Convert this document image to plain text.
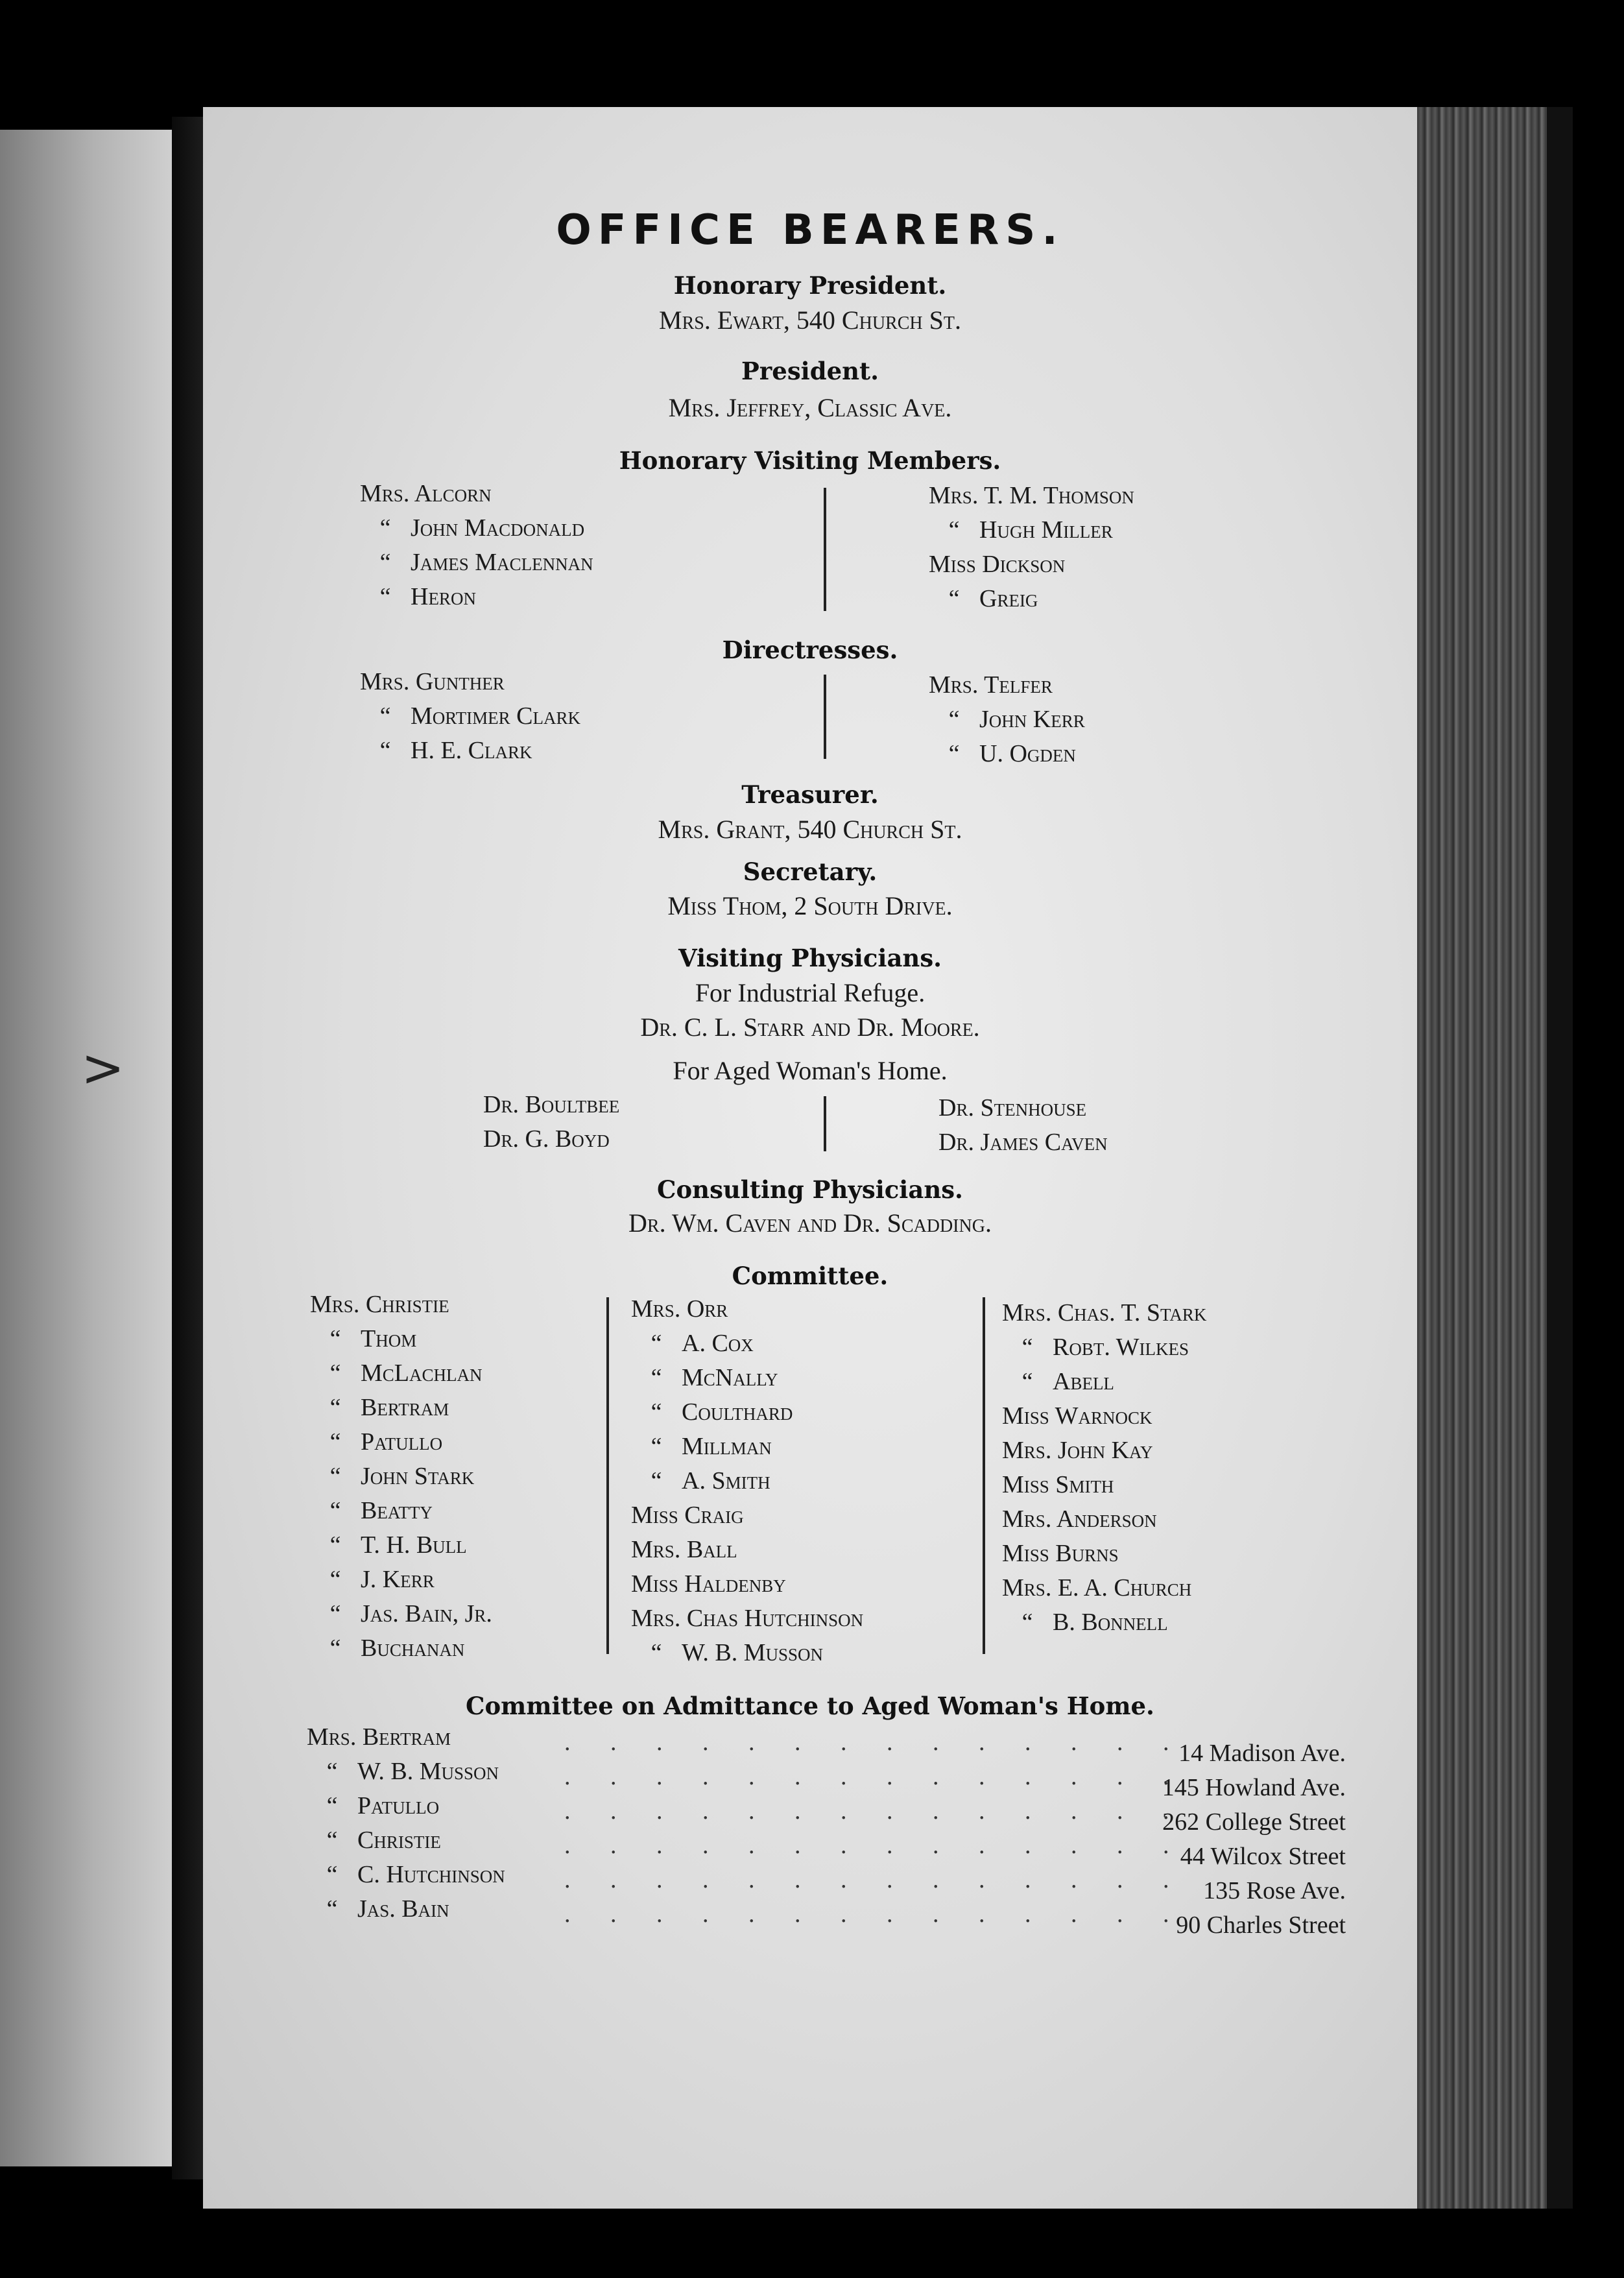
>
OFFICE BEARERS.
Honorary President.
Mrs. Ewart, 540 Church St.
President.
Mrs. Jeffrey, Classic Ave.
Honorary Visiting Members.
Mrs. Alcorn
“ John Macdonald
“ James Maclennan
“ Heron
Mrs. T. M. Thomson
“ Hugh Miller
Miss Dickson
“ Greig
Directresses.
Mrs. Gunther
“ Mortimer Clark
“ H. E. Clark
Mrs. Telfer
“ John Kerr
“ U. Ogden
Treasurer.
Mrs. Grant, 540 Church St.
Secretary.
Miss Thom, 2 South Drive.
Visiting Physicians.
For Industrial Refuge.
Dr. C. L. Starr and Dr. Moore.
For Aged Woman's Home.
Dr. Boultbee
Dr. G. Boyd
Dr. Stenhouse
Dr. James Caven
Consulting Physicians.
Dr. Wm. Caven and Dr. Scadding.
Committee.
Mrs. Christie
“ Thom
“ McLachlan
“ Bertram
“ Patullo
“ John Stark
“ Beatty
“ T. H. Bull
“ J. Kerr
“ Jas. Bain, Jr.
“ Buchanan
Mrs. Orr
“ A. Cox
“ McNally
“ Coulthard
“ Millman
“ A. Smith
Miss Craig
Mrs. Ball
Miss Haldenby
Mrs. Chas Hutchinson
“ W. B. Musson
Mrs. Chas. T. Stark
“ Robt. Wilkes
“ Abell
Miss Warnock
Mrs. John Kay
Miss Smith
Mrs. Anderson
Miss Burns
Mrs. E. A. Church
“ B. Bonnell
Committee on Admittance to Aged Woman's Home.
Mrs. Bertram
“ W. B. Musson
“ Patullo
“ Christie
“ C. Hutchinson
“ Jas. Bain
. . . . . . . . . . . . . .
. . . . . . . . . . . . . .
. . . . . . . . . . . . . .
. . . . . . . . . . . . . .
. . . . . . . . . . . . . .
. . . . . . . . . . . . . .
14 Madison Ave.
145 Howland Ave.
262 College Street
44 Wilcox Street
135 Rose Ave.
90 Charles Street
